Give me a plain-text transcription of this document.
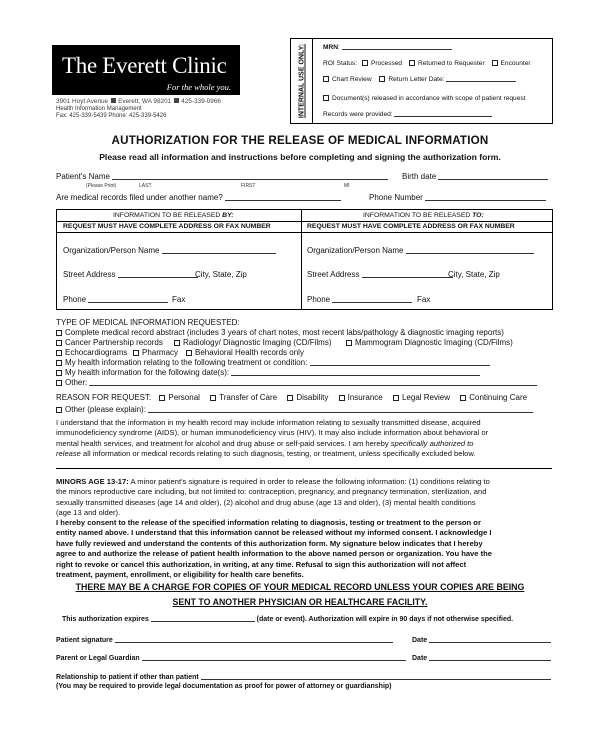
The Everett Clinic
For the whole you.
3901 Hoyt Avenue Everett, WA 98201 425-339-0966
Health Information Management
Fax: 425-339-5439 Phone: 425-339-5426	INTERNAL USE ONLY:	MRN:
ROI Status: Processed Returned to Requester Encounter
Chart Review	Return Letter Date:
Document(s) released in accordance with scope of patient request
Records were provided:
AUTHORIZATION FOR THE RELEASE OF MEDICAL INFORMATION
Please read all information and instructions before completing and signing the authorization form.
Patient's Name	Birth date
(Please Print)	LAST	FIRST	MI
Are medical records filed under another name?	Phone Number
INFORMATION TO BE RELEASED BY:
REQUEST MUST HAVE COMPLETE ADDRESS OR FAX NUMBER
Organization/Person Name
Street Address	City, State, Zip
Phone	Fax
INFORMATION TO BE RELEASED TO:
REQUEST MUST HAVE COMPLETE ADDRESS OR FAX NUMBER
Organization/Person Name
Street Address	City, State, Zip
Phone	Fax
TYPE OF MEDICAL INFORMATION REQUESTED:
Complete medical record abstract (includes 3 years of chart notes, most recent labs/pathology & diagnostic imaging reports)
Cancer Partnership records	Radiology/ Diagnostic Imaging (CD/Films)	Mammogram Diagnostic Imaging (CD/Films)
Echocardiograms	Pharmacy	Behavioral Health records only
My health information relating to the following treatment or condition:
My health information for the following date(s):
Other:
REASON FOR REQUEST: Personal Transfer of Care Disability Insurance Legal Review Continuing Care
Other (please explain):
I understand that the information in my health record may include information relating to sexually transmitted disease, acquired
immunodeficiency syndrome (AIDS), or human immunodeficiency virus (HIV). It may also include information about behavioral or
mental health services, and treatment for alcohol and drug abuse or self-paid services. I am hereby specifically authorized to
release all information or medical records relating to such diagnosis, testing, or treatment, unless specifically excluded below.
MINORS AGE 13-17: A minor patient's signature is required in order to release the following information: (1) conditions relating to
the minors reproductive care including, but not limited to: contraception, pregnancy, and pregnancy termination, sterilization, and
sexually transmitted diseases (age 14 and older), (2) alcohol and drug abuse (age 13 and older), (3) mental health conditions
(age 13 and older).
I hereby consent to the release of the specified information relating to diagnosis, testing or treatment to the person or
entity named above. I understand that this information cannot be released without my informed consent. I acknowledge I
have fully reviewed and understand the contents of this authorization form. My signature below indicates that I hereby
agree to and authorize the release of patient health information to the above named person or organization. You have the
right to revoke or cancel this authorization, in writing, at any time. Refusal to sign this authorization will not affect
treatment, payment, enrollment, or eligibility for health care benefits.
THERE MAY BE A CHARGE FOR COPIES OF YOUR MEDICAL RECORD UNLESS YOUR COPIES ARE BEING
SENT TO ANOTHER PHYSICIAN OR HEALTHCARE FACILITY.
This authorization expires	(date or event). Authorization will expire in 90 days if not otherwise specified.
Patient signature	Date
Parent or Legal Guardian	Date
Relationship to patient if other than patient
(You may be required to provide legal documentation as proof for power of attorney or guardianship)
